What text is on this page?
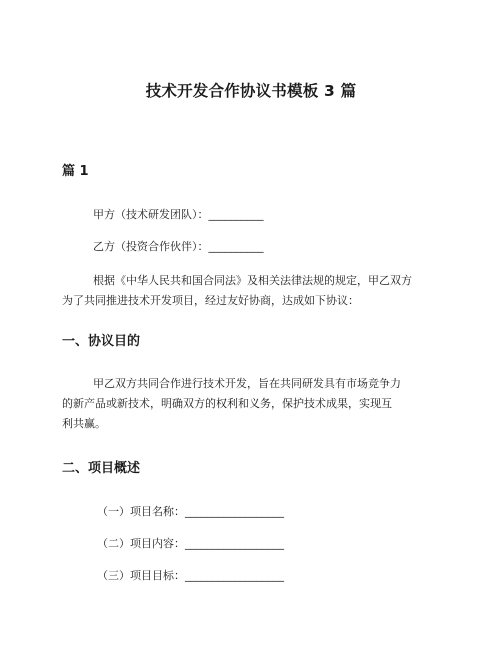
技术开发合作协议书模板 3 篇
篇 1
甲方（技术研发团队）：__________
乙方（投资合作伙伴）：__________
根据《中华人民共和国合同法》及相关法律法规的规定，甲乙双方
为了共同推进技术开发项目，经过友好协商，达成如下协议：
一、协议目的
甲乙双方共同合作进行技术开发，旨在共同研发具有市场竞争力
的新产品或新技术，明确双方的权利和义务，保护技术成果，实现互
利共赢。
二、项目概述
（一）项目名称：__________________
（二）项目内容：__________________
（三）项目目标：__________________
